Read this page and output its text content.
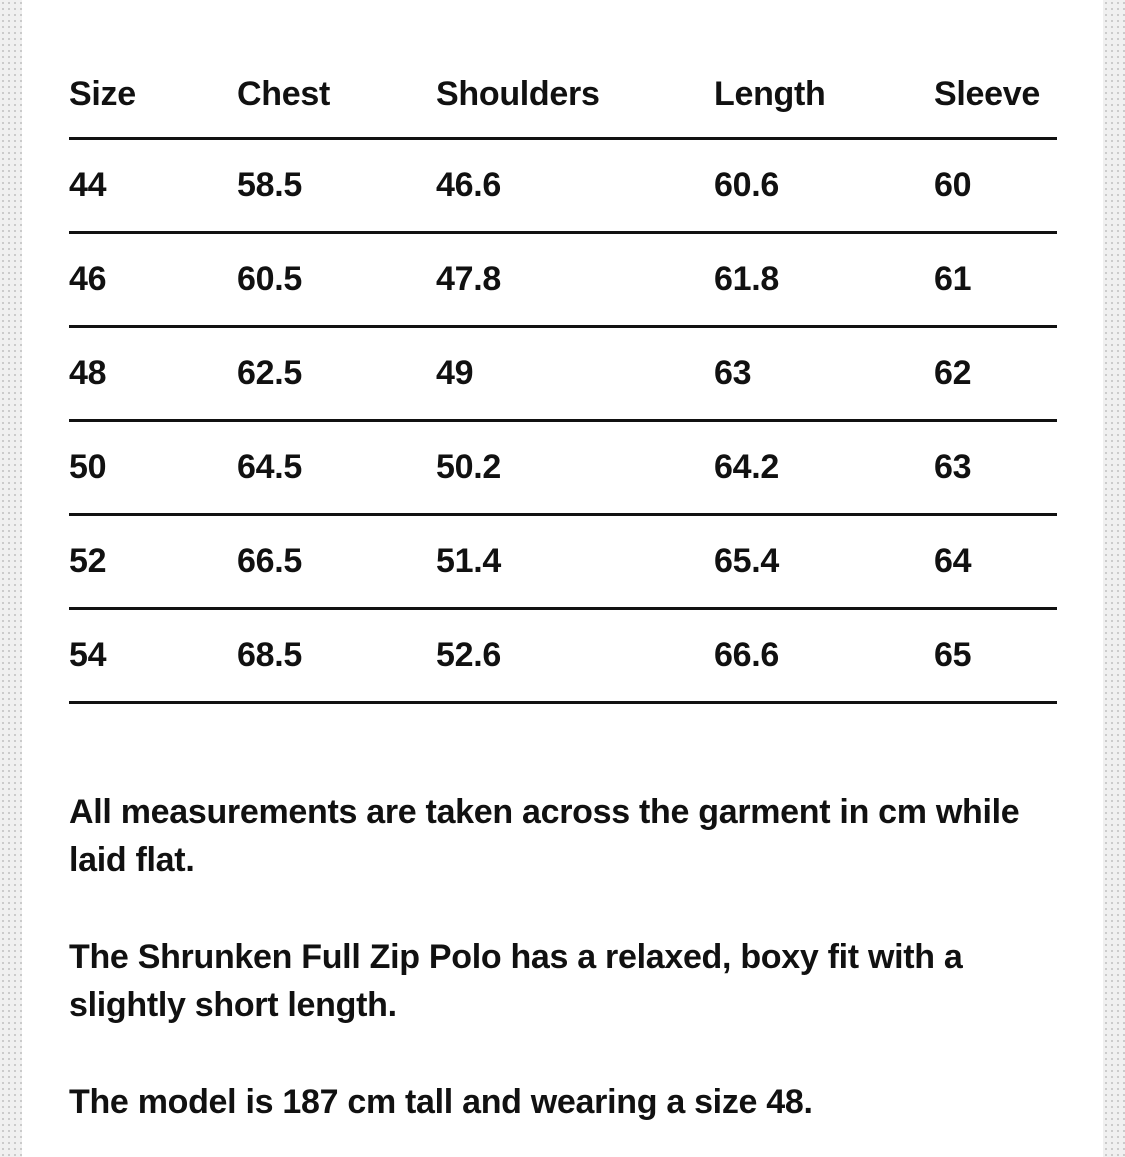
Size	Chest	Shoulders	Length	Sleeve
44	58.5	46.6	60.6	60
46	60.5	47.8	61.8	61
48	62.5	49	63	62
50	64.5	50.2	64.2	63
52	66.5	51.4	65.4	64
54	68.5	52.6	66.6	65

All measurements are taken across the garment in cm while laid flat.

The Shrunken Full Zip Polo has a relaxed, boxy fit with a slightly short length.

The model is 187 cm tall and wearing a size 48.
